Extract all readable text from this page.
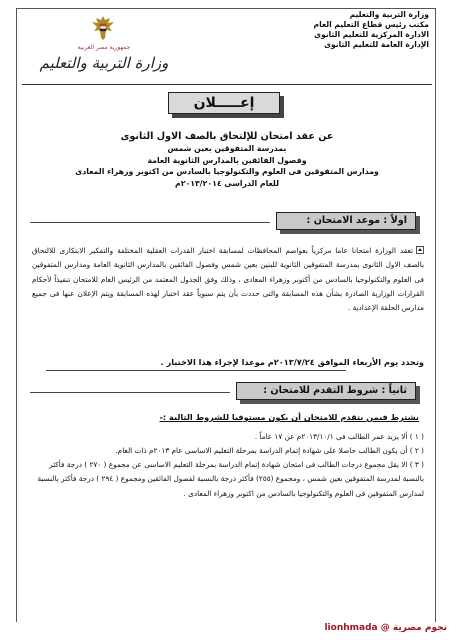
وزارة التربية والتعليم
مكتب رئيس قطاع التعليم العام
الادارة المركزية للتعليم الثانوى
الإدارة العامة للتعليم الثانوى
جمهورية مصر العربية
وزارة التربية والتعليم
إعـــــلان
عن عقد امتحان للإلتحاق بالصف الاول الثانوى
بمدرسة المتفوقين بعين شمس
وفصول الفائقين بالمدارس الثانوية العامة
ومدارس المتفوقين فى العلوم والتكنولوجيا بالسادس من اكتوبر وزهراء المعادى
للعام الدراسى ٢٠١٣/٢٠١٤م
اولاً : موعد الامتحان :
تعقد الوزارة امتحانا عاما مركزياً بعواصم المحافظات لمسابقة اختبار القدرات العقلية المختلفة والتفكير الابتكارى للالتحاق بالصف الاول الثانوى بمدرسة المتفوقين الثانوية للبنين بعين شمس وفصول الفائقين بالمدارس الثانوية العامة ومدارس المتفوقين فى العلوم والتكنولوجيا بالسادس من أكتوبر وزهراء المعادى ، وذلك وفق الجدول المعتمد من الرئيس العام للامتحان تنفيذاً لأحكام القرارات الوزارية الصادرة بشأن هذه المسابقة والتى حددت بأن يتم سنوياً عقد اختبار لهذه المسابقة ويتم الإعلان عنها فى جميع مدارس الحلقة الإعدادية .
وتحدد يوم الأربعاء الموافق ٢٠١٣/٧/٢٤م موعدا لإجراء هذا الاختبار .
ثانياً : شروط التقدم للامتحان :
يشترط فيمن يتقدم للامتحان أن يكون مستوفيا للشروط التالية :-
( ١ ) ألا يزيد عمر الطالب فى ٢٠١٣/١٠/١م عن ١٧ عاماً .
( ٢ ) أن يكون الطالب حاصلا على شهادة إتمام الدراسة بمرحلة التعليم الاساسى عام ٢٠١٣م ذات العام.
( ٣ ) الا يقل مجموع درجات الطالب فى امتحان شهادة إتمام الدراسة بمرحلة التعليم الاساسى عن مجموع ( ٢٧٠ ) درجة فأكثر بالنسبة لمدرسة المتفوقين بعين شمس ، ومجموع (٢٥٥) فأكثر درجة بالنسبة لفصول الفائقين ومجموع ( ٢٩٤ ) درجة فأكثر بالنسبة لمدارس المتفوقين فى العلوم والتكنولوجيا بالسادس من اكتوبر وزهراء المعادى .
lionhmada @ نجوم مصرية
